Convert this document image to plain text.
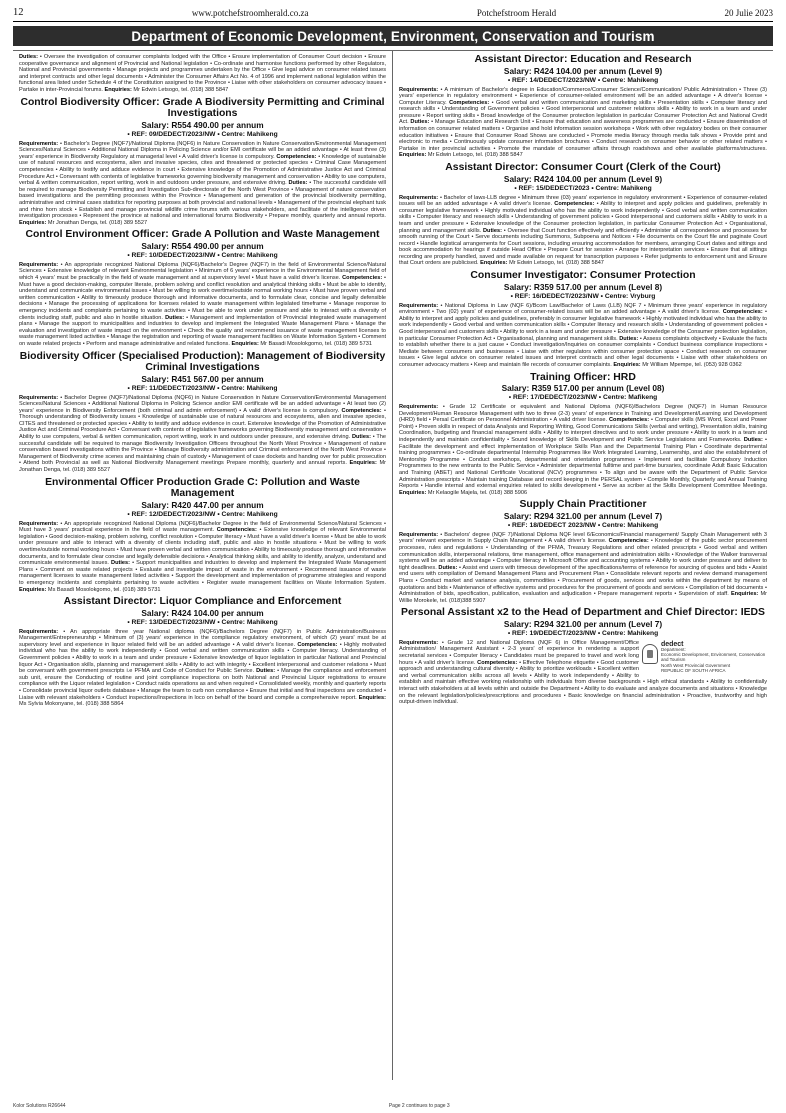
12	www.potchefstroomherald.co.za	Potchefstroom Herald	20 Julie 2023
Department of Economic Development, Environment, Conservation and Tourism
Duties: • Oversee the investigation of consumer complaints lodged with the Office • Ensure implementation of Consumer Court decision • Ensure cooperative governance and alignment of Provincial and National legislation • Co-ordinate and harmonise functions performed by other Regulators, National and Provincial governments • Manage projects and programmes undertaken by the Office • Give legal advice on consumer related issues and interpret contracts and other legal documents • Administer the Consumer Affairs Act No. 4 of 1996 and implement national legislation within the functional area listed under Schedule 4 of the Constitution assigned to the Province • Liaise with other stakeholders on consumer advocacy issues • Partake in inter-Provincial forums. Enquiries: Mr Edwin Letsogo, tel. (018) 388 5847
Control Biodiversity Officer: Grade A Biodiversity Permitting and Criminal Investigations
Salary: R554 490.00 per annum
• REF: 09/DEDECT/2023/NW • Centre: Mahikeng
Requirements: • Bachelor's Degree (NQF7)/National Diploma (NQF6) in Nature Conservation in Nature Conservation/Environmental Management Sciences/Natural Sciences • Additional National Diploma in Policing Science and/or EMI certificate will be an added advantage • At least three (3) years' experience in Biodiversity Regulatory at managerial level • A valid driver's license is compulsory. Competencies: • Knowledge of sustainable use of natural resources and ecosystems, alien and invasive species, cites and threatened or protected species • Criminal Case Management competencies • Ability to testify and adduce evidence in court • Extensive knowledge of the Promotion of Administrative Justice Act and Criminal Procedure Act • Conversant with contents of legislative frameworks governing biodiversity management and conservation • Ability to use computers, verbal & written communication, report writing, work in and outdoors under pressure, and extensive driving. Duties: • The successful candidate will be required to manage Biodiversity Permitting and Investigation Sub-directorate of the North West Province • Management of nature conservation based investigations and the permitting processes within the Province • Management and generation of the provincial biodiversity permitting, administrative and criminal cases statistics for reporting purposes at both provincial and national levels • Management of the provincial elephant tusk and rhino horn stock • Establish and manage provincial wildlife crime forums with various stakeholders, and facilitate of the intelligence driven investigation processes • Represent the province at national and international forums Biodiversity • Prepare monthly, quarterly and annual reports. Enquiries: Mr Jonathan Denga, tel. (018) 389 5527
Control Environment Officer: Grade A Pollution and Waste Management
Salary: R554 490.00 per annum
• REF: 10/DEDECT/2023/NW • Centre: Mahikeng
Requirements: • An appropriate recognized National Diploma (NQF6)/Bachelor's Degree (NQF7) in the field of Environmental Science/Natural Sciences • Extensive knowledge of relevant Environmental legislation • Minimum of 6 years' experience in the Environmental Management field of which 4 years' must be practically in the field of waste management and at supervisory level • Must have a valid driver's license. Competencies: • Must have a good decision-making, computer literate, problem solving and conflict resolution and analytical thinking skills • Must be able to identify, understand and communicate environmental issues • Must be willing to work overtime/outside normal working hours • Must have proven verbal and written communication • Ability to timeously produce thorough and informative documents, and to formulate clear, concise and legally defensible decisions • Manage the processing of applications for licenses related to waste management within legislated timeframe • Manage response to emergency incidents and complaints pertaining to waste activities • Must be able to work under pressure and able to interact with a diversity of clients including staff, public and also in hostile situation. Duties: • Management and implementation of Provincial integrated waste management plans • Manage the support to municipalities and industries to develop and implement the Integrated Waste Management Plans • Manage the evaluation and investigation of waste impact on the environment • Check the quality and recommend issuance of waste management licenses to waste management listed activities • Manage the registration and reporting of waste management facilities on Waste Information System • Comment on waste related projects • Perform and manage administrative and related functions. Enquiries: Mr Basadi Mosolokgomo, tel. (018) 389 5731
Biodiversity Officer (Specialised Production): Management of Biodiversity Criminal Investigations
Salary: R451 567.00 per annum
• REF: 11/DEDECT/2023/NW • Centre: Mahikeng
Requirements: • Bachelor Degree (NQF7)/National Diploma (NQF6) in Nature Conservation in Nature Conservation/Environmental Management Sciences/Natural Sciences • Additional National Diploma in Policing Science and/or EMI certificate will be an added advantage • At least two (2) years' experience in Biodiversity Enforcement (both criminal and admin enforcement) • A valid driver's license is compulsory. Competencies: • Thorough understanding of Biodiversity issues • Knowledge of sustainable use of natural resources and ecosystems, alien and invasive species, CITES and threatened or protected species • Ability to testify and adduce evidence in court. Extensive knowledge of the Promotion of Administrative Justice Act and Criminal Procedure Act • Conversant with contents of legislative frameworks governing Biodiversity management and conservation • Ability to use computers, verbal & written communication, report writing, work in and outdoors under pressure, and extensive driving. Duties: • The successful candidate will be required to manage Biodiversity Investigation Officers throughout the North West Province • Management of nature conservation based investigations within the Province • Manage Biodiversity administration and Criminal enforcement of the North West Province • Management of Biodiversity crime scenes and maintaining chain of custody • Management of case dockets and handing over for public prosecution • Attend both Provincial as well as National Biodiversity Management meetings Prepare monthly, quarterly and annual reports. Enquiries: Mr Jonathan Denga, tel. (018) 389 5527
Environmental Officer Production Grade C: Pollution and Waste Management
Salary: R420 447.00 per annum
• REF: 12/DEDECT/2023/NW • Centre: Mahikeng
Requirements: • An appropriate recognized National Diploma (NQF6)/Bachelor Degree in the field of Environmental Science/Natural Sciences • Must have 3 years' practical experience in the field of waste management. Competencies: • Extensive knowledge of relevant Environmental legislation • Good decision-making, problem solving, conflict resolution • Computer literacy • Must have a valid driver's license • Must be able to work under pressure and able to interact with a diversity of clients including staff, public and also in hostile situations • Must be willing to work overtime/outside normal working hours • Must have proven verbal and written communication • Ability to timeously produce thorough and informative documents, and to formulate clear concise and legally defensible decisions • Analytical thinking skills, and ability to identify, analyze, understand and communicate environmental issues. Duties: • Support municipalities and industries to develop and implement the Integrated Waste Management Plans • Comment on waste related projects • Evaluate and investigate impact of waste in the environment • Recommend issuance of waste management licenses to waste management listed activities • Support the development and implementation of programme strategies and respond to emergency incidents and complaints pertaining to waste activities • Register waste management facilities on Waste Information System. Enquiries: Ms Basadi Mosolokgomo, tel. (018) 389 5731
Assistant Director: Liquor Compliance and Enforcement
Salary: R424 104.00 per annum
• REF: 13/DEDECT/2023/NW • Centre: Mahikeng
Requirements: • An appropriate three year National diploma (NQF6)/Bachelors Degree (NQF7) in Public Administration/Business Management/Entrepreneurship • Minimum of (3) years' experience in the compliance regulatory environment, of which (2) years' must be at supervisory level and experience in liquor related field will be an added advantage • A valid driver's license. Competencies: • Highly motivated individual who has the ability to work independently • Good verbal and written communication skills • Computer literacy. Understanding of Government policies • Ability to work in a team and under pressure • Extensive knowledge of liquor legislation in particular National and Provincial liquor Act • Organisation skills, planning and management skills • Ability to act with integrity • Excellent interpersonal and customer relations • Must be conversant with government prescripts i.e PFMA and Code of Conduct for Public Service. Duties: • Manage the compliance and enforcement sub unit, ensure the Conducting of routine and joint compliance inspections on both National and Provincial Liquor registrations to ensure compliance with the Liquor related legislation • Conduct raids operations as and when required • Consolidated weekly, monthly and quarterly reports • Consolidate provincial liquor outlets database • Manage the team to curb non compliance • Ensure that initial and final inspections are conducted • Liaise with relevant stakeholders • Conduct inspections/Inspections in loco on behalf of the board and compile a comprehensive report. Enquiries: Ms Sylvia Mokonyane, tel. (018) 388 5864
Assistant Director: Education and Research
Salary: R424 104.00 per annum (Level 9)
• REF: 14/DEDECT/2023/NW • Centre: Mahikeng
Requirements: • A minimum of Bachelor's degree in Education/Commerce/Consumer Science/Communication/ Public Administration • Three (3) years' experience in regulatory environment • Experience of consumer-related environment will be an added advantage • A driver's license • Computer Literacy. Competencies: • Good verbal and written communication and marketing skills • Presentation skills • Computer literacy and research skills • Understanding of Government policies • Good interpersonal and customer relations skills • Ability to work in a team and under pressure • Report writing skills • Broad knowledge of the Consumer protection legislation in particular Consumer Protection Act and National Credit Act. Duties: • Manage Education and Research Unit • Ensure that education and awareness programmes are conducted • Ensure dissemination of information on consumer related matters • Organise and hold information session workshops • Work with other regulatory bodies on their consumer education initiatives • Ensure that Consumer Road Shows are conducted • Promote media literacy through media talk shows • Provide print and electronic to media • Continuously update consumer information brochures • Conduct research on consumer behavior or other related matters • Partake in inter provincial activities • Promote the mandate of consumer affairs through roadshows and other available platforms/structures. Enquiries: Mr Edwin Letsogo, tel. (018) 388 5847
Assistant Director: Consumer Court (Clerk of the Court)
Salary: R424 104.00 per annum (Level 9)
• REF: 15/DEDECT/2023 • Centre: Mahikeng
Requirements: • Bachelor of laws-LLB degree • Minimum three (03) years' experience in regulatory environment • Experience of consumer-related issues will be an added advantage • A valid driver's license. Competencies: • Ability to interpret and apply policies and guidelines, preferably in consumer legislative framework • Highly motivated individual who has the ability to work independently • Good verbal and written communication skills • Computer literacy and research skills • Understanding of government policies • Good interpersonal and customers skills • Ability to work in a team and under pressure • Extensive knowledge of the Consumer protection legislation, in particular Consumer Protection Act • Organisational, planning and management skills. Duties: • Oversee that Court function effectively and efficiently • Administer all correspondence and processes for smooth running of the Court • Serve documents including Summons, Subpoena and Notices • File documents on the Court file and paginate Court record • Handle logistical arrangements for Court sessions, including ensuring accommodation for members, arranging Court dates and sittings and book accommodation for hearings if outside Head Office • Prepare Court for session • Arrange for interpretation services • Ensure that all sittings recording are properly handled, saved and made available on request for transcription purposes • Refer judgments to enforcement unit and Ensure that Court orders are publicised. Enquiries: Mr Edwin Letsogo, tel. (018) 388 5847
Consumer Investigator: Consumer Protection
Salary: R359 517.00 per annum (Level 8)
• REF: 16/DEDECT/2023/NW • Centre: Vryburg
Requirements: • National Diploma in Law (NQF 6)/Bcom Law/Bachelor of Laws (LLB) NQF 7 • Minimum three years' experience in regulatory environment • Two (02) years' of experience of consumer-related issues will be an added advantage • A valid driver's license. Competencies: • Ability to interpret and apply policies and guidelines, preferably in consumer legislative framework • Highly motivated individual who has the ability to work independently • Good verbal and written communication skills • Computer literacy and research skills • Understanding of government policies • Good interpersonal and customers skills • Ability to work in a team and under pressure • Extensive knowledge of the Consumer protection legislation, in particular Consumer Protection Act • Organisational, planning and management skills. Duties: • Assess complaints objectively • Evaluate the facts to establish whether there is a just cause • Conduct investigation/Inquiries on consumer complaints • Conduct business compliance inspections • Mediate between consumers and businesses • Liaise with other regulators within consumer protection space • Conduct research on consumer issues • Give legal advice on consumer related issues and interpret contracts and other legal documents • Liaise with other stakeholders on consumer advocacy matters • Keep and maintain file records of consumer complaints. Enquiries: Mr William Mpempe, tel. (053) 928 0362
Training Officer: HRD
Salary: R359 517.00 per annum (Level 08)
• REF: 17/DEDECT/2023/NW • Centre: Mafikeng
Requirements: • Grade 12 Certificate or equivalent and National Diploma (NQF6)/Bachelors Degree (NQF7) in Human Resource Development/Human Resource Management with two to three (2-3) years' of experience in Training and Development/Learning and Development (HRD) field • Persal Certificate on Personnel Administration • A valid driver license. Competencies: • Computer skills (MS Word, Excel and Power Point) • Proven skills in respect of data Analysis and Reporting Writing, Good Communications Skills (verbal and writing), Presentation skills, training Coordination, budgeting and financial management skills • Ability to interpret directives and to work under pressure • Ability to work in a team and independently and maintain confidentiality • Sound knowledge of Skills Development and Public Service Legislations and Frameworks. Duties: • Facilitate the development and effect implementation of Workplace Skills Plan and the Departmental Training Plan • Coordinate departmental training programmes • Co-ordinate departmental Internship Programmes like Work Integrated Learning, Learnership, and also the establishment of Mentorship Programme • Conduct workshops, departmental and orientation programmes • Implement and facilitate Compulsory Induction Programmes to the new entrants to the Public Service • Administer departmental fulltime and part-time bursaries, coordinate Adult Basic Education and Training (ABET) and National Certificate Vocational (NCV) programmes • To align and be aware with the Department of Public Service Administration prescripts • Maintain training Database and record keeping in the PERSAL system • Compile Monthly, Quarterly and Annual Training Reports • Handle internal and external enquiries related to skills development • Serve as scriber at the Skills Development Committee Meetings. Enquiries: Mr Kelaogile Majela, tel. (018) 388 5906
Supply Chain Practitioner
Salary: R294 321.00 per annum (Level 7)
• REF: 18/DEDECT 2023/NW • Centre: Mahikeng
Requirements: • Bachelors' degree (NQF 7)/National Diploma NQF level 6/Economics/Financial management/ Supply Chain Management with 3 years' relevant experience in Supply Chain Management • A valid driver's license. Competencies: • Knowledge of the public sector procurement processes, rules and regulations • Understanding of the PFMA, Treasury Regulations and other related prescripts • Good verbal and written communication skills, interpersonal relations, time management, office management and administration skills • Knowledge of the Walker transversal systems will be an added advantage • Computer literacy in Microsoft Office and accounting systems • Ability to work under pressure and deliver to tight deadlines. Duties: • Assist end users with timeous development of the specifications/terms of reference for sourcing of quotes and bids • Assist end users with compilation of Demand Management Plans and Procurement Plan • Consolidate relevant reports and review demand management Plans • Conduct market and variance analysis, commodities • Procurement of goods, services and works within the department by means of quotations and bids • Maintenance of effective systems and procedures for the procurement of goods and services • Compilation of bid documents • Administration of bids, specification, publication, evaluation and adjudication • Prepare management reports • Supervision of staff. Enquiries: Mr Willie Morokele, tel. (018)388 5907
Personal Assistant x2 to the Head of Department and Chief Director: IEDS
Salary: R294 321.00 per annum (Level 7)
• REF: 19/DEDECT/2023/NW • Centre: Mahikeng
dedect
Department:
Economic Development, Environment, Conservation and Tourism
North West Provincial Government
REPUBLIC OF SOUTH AFRICA
Requirements: • Grade 12 and National Diploma (NQF 6) in Office Management/Office Administration/ Management Assistant • 2-3 years' of experience in rendering a support secretarial services • Computer literacy • Candidates must be prepared to travel and work long hours • A valid driver's license. Competencies: • Effective Telephone etiquette • Good customer approach and understanding cultural diversity • Ability to prioritize workloads • Excellent written and verbal communication skills across all levels • Ability to work independently • Ability to establish and maintain effective working relationship with individuals from diverse backgrounds • High ethical standards • Ability to confidentially interact with stakeholders at all levels within and outside the Department • Ability to do evaluate and analyze documents and situations • Knowledge on the relevant legislation/policies/prescriptions and procedures • Basic knowledge on financial administration • Proactive, trustworthy and high output-driven individual.
Kolor Solutions R26644	Page 2 continues to page 3
